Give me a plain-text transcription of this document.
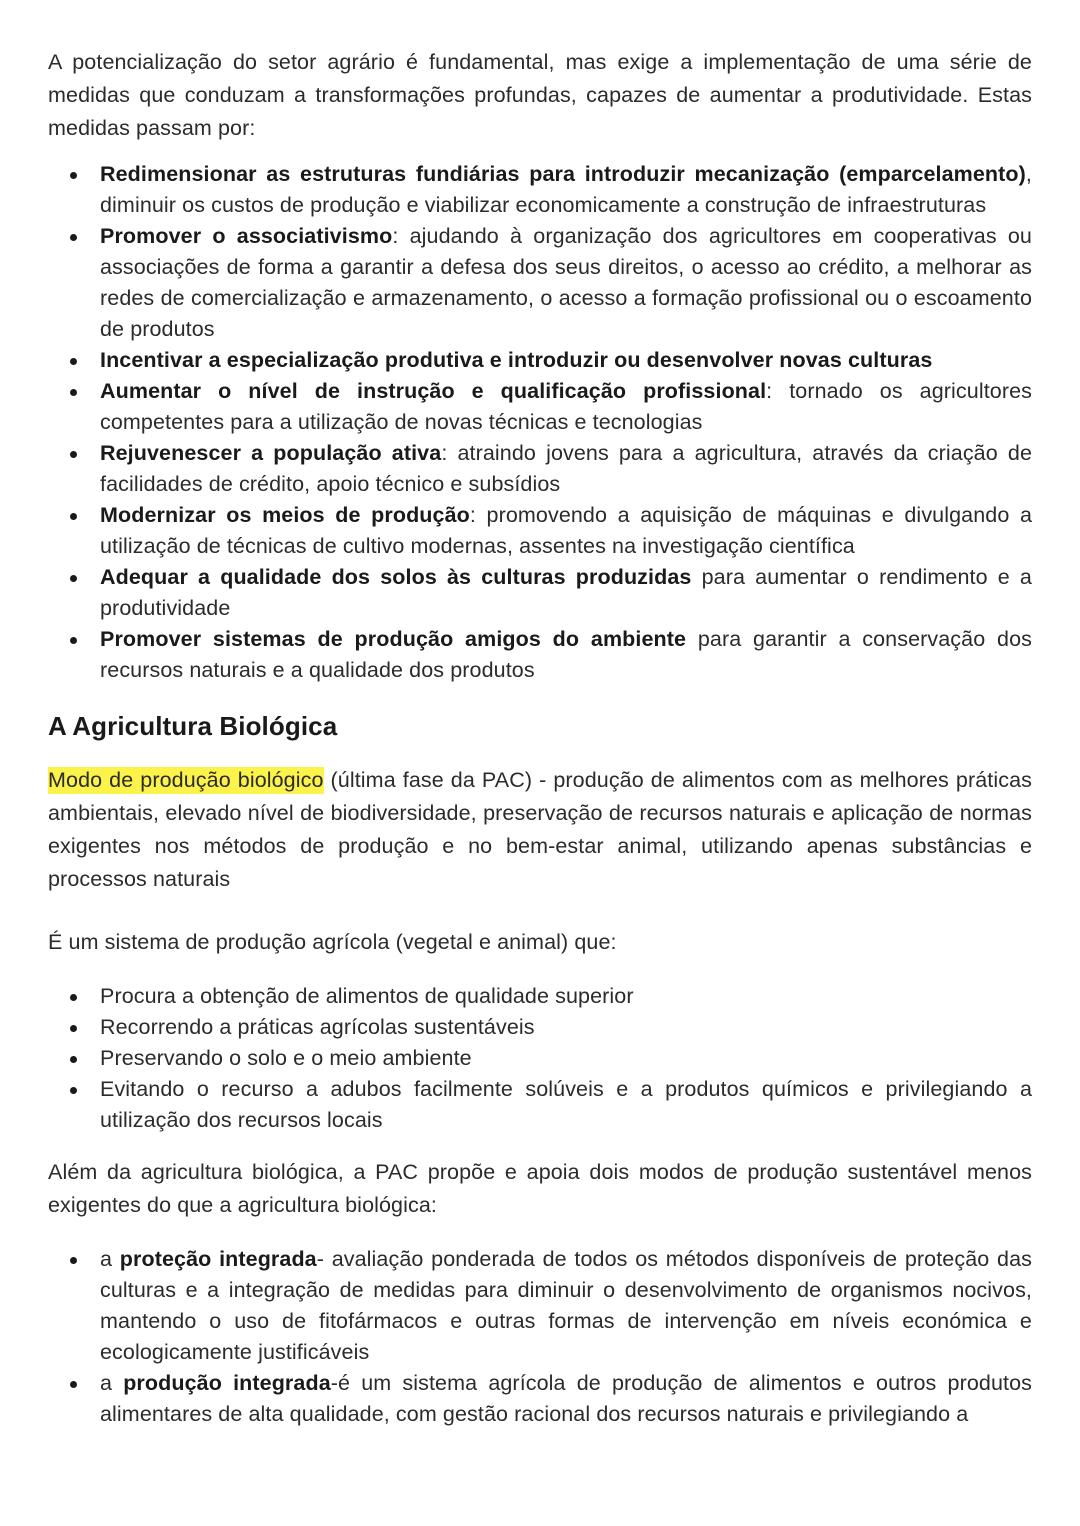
A potencialização do setor agrário é fundamental, mas exige a implementação de uma série de medidas que conduzam a transformações profundas, capazes de aumentar a produtividade. Estas medidas passam por:

Redimensionar as estruturas fundiárias para introduzir mecanização (emparcelamento), diminuir os custos de produção e viabilizar economicamente a construção de infraestruturas
Promover o associativismo: ajudando à organização dos agricultores em cooperativas ou associações de forma a garantir a defesa dos seus direitos, o acesso ao crédito, a melhorar as redes de comercialização e armazenamento, o acesso a formação profissional ou o escoamento de produtos
Incentivar a especialização produtiva e introduzir ou desenvolver novas culturas
Aumentar o nível de instrução e qualificação profissional: tornado os agricultores competentes para a utilização de novas técnicas e tecnologias
Rejuvenescer a população ativa: atraindo jovens para a agricultura, através da criação de facilidades de crédito, apoio técnico e subsídios
Modernizar os meios de produção: promovendo a aquisição de máquinas e divulgando a utilização de técnicas de cultivo modernas, assentes na investigação científica
Adequar a qualidade dos solos às culturas produzidas para aumentar o rendimento e a produtividade
Promover sistemas de produção amigos do ambiente para garantir a conservação dos recursos naturais e a qualidade dos produtos
A Agricultura Biológica

Modo de produção biológico (última fase da PAC) - produção de alimentos com as melhores práticas ambientais, elevado nível de biodiversidade, preservação de recursos naturais e aplicação de normas exigentes nos métodos de produção e no bem-estar animal, utilizando apenas substâncias e processos naturais

É um sistema de produção agrícola (vegetal e animal) que:

Procura a obtenção de alimentos de qualidade superior
Recorrendo a práticas agrícolas sustentáveis
Preservando o solo e o meio ambiente
Evitando o recurso a adubos facilmente solúveis e a produtos químicos e privilegiando a utilização dos recursos locais

Além da agricultura biológica, a PAC propõe e apoia dois modos de produção sustentável menos exigentes do que a agricultura biológica:

a proteção integrada- avaliação ponderada de todos os métodos disponíveis de proteção das culturas e a integração de medidas para diminuir o desenvolvimento de organismos nocivos, mantendo o uso de fitofármacos e outras formas de intervenção em níveis económica e ecologicamente justificáveis
a produção integrada-é um sistema agrícola de produção de alimentos e outros produtos alimentares de alta qualidade, com gestão racional dos recursos naturais e privilegiando a
